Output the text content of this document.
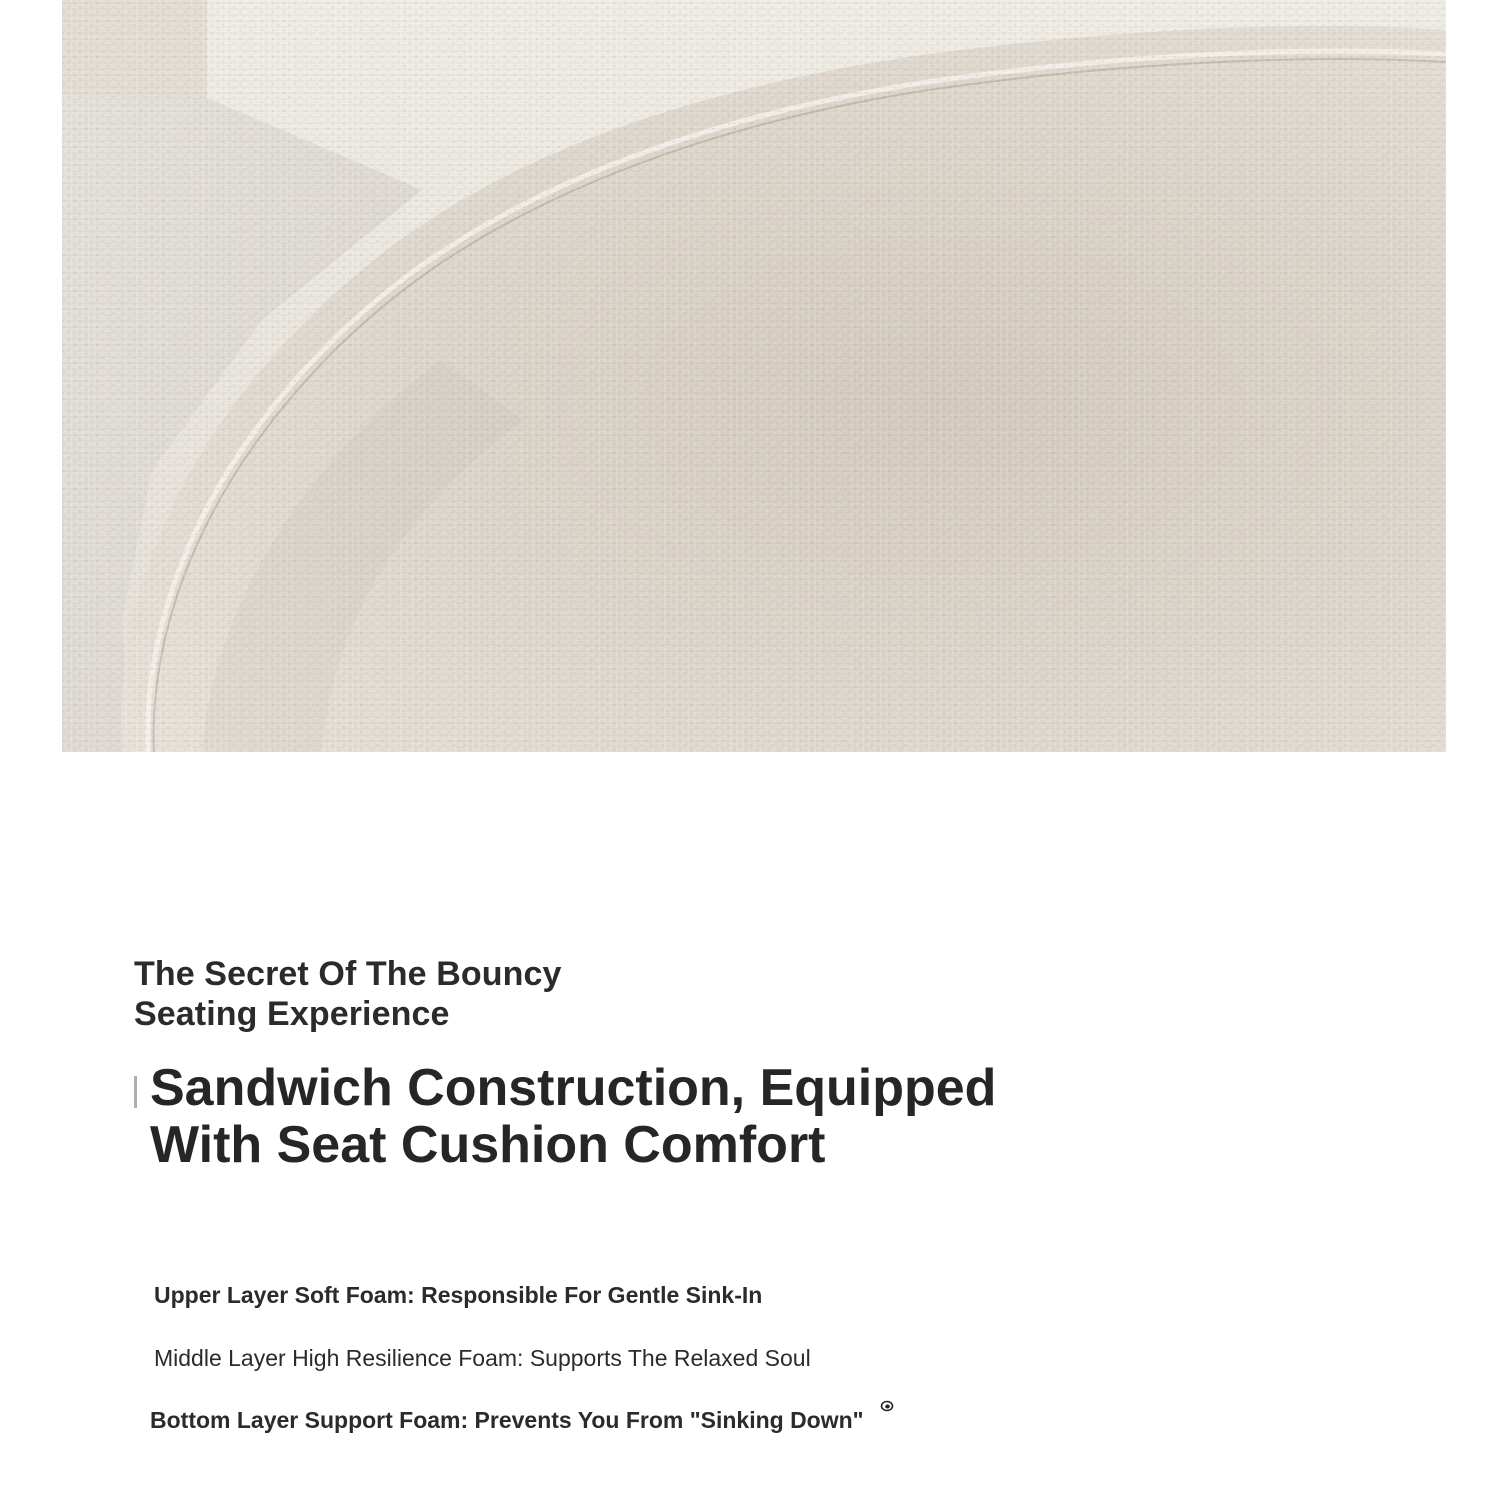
The Secret Of The Bouncy Seating Experience
Sandwich Construction, Equipped With Seat Cushion Comfort
Upper Layer Soft Foam: Responsible For Gentle Sink-In
Middle Layer High Resilience Foam: Supports The Relaxed Soul
Bottom Layer Support Foam: Prevents You From "Sinking Down"
